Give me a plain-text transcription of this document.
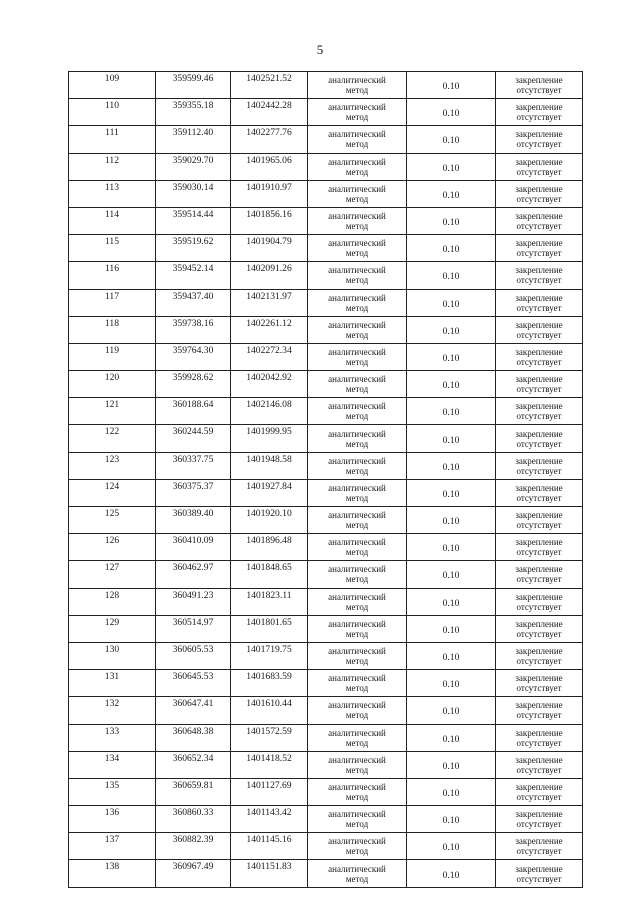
5
109	359599.46	1402521.52	аналитический
метод	0.10	закрепление
отсутствует

110	359355.18	1402442.28	аналитический
метод	0.10	закрепление
отсутствует

111	359112.40	1402277.76	аналитический
метод	0.10	закрепление
отсутствует

112	359029.70	1401965.06	аналитический
метод	0.10	закрепление
отсутствует

113	359030.14	1401910.97	аналитический
метод	0.10	закрепление
отсутствует

114	359514.44	1401856.16	аналитический
метод	0.10	закрепление
отсутствует

115	359519.62	1401904.79	аналитический
метод	0.10	закрепление
отсутствует

116	359452.14	1402091.26	аналитический
метод	0.10	закрепление
отсутствует

117	359437.40	1402131.97	аналитический
метод	0.10	закрепление
отсутствует

118	359738.16	1402261.12	аналитический
метод	0.10	закрепление
отсутствует

119	359764.30	1402272.34	аналитический
метод	0.10	закрепление
отсутствует

120	359928.62	1402042.92	аналитический
метод	0.10	закрепление
отсутствует

121	360188.64	1402146.08	аналитический
метод	0.10	закрепление
отсутствует

122	360244.59	1401999.95	аналитический
метод	0.10	закрепление
отсутствует

123	360337.75	1401948.58	аналитический
метод	0.10	закрепление
отсутствует

124	360375.37	1401927.84	аналитический
метод	0.10	закрепление
отсутствует

125	360389.40	1401920.10	аналитический
метод	0.10	закрепление
отсутствует

126	360410.09	1401896.48	аналитический
метод	0.10	закрепление
отсутствует

127	360462.97	1401848.65	аналитический
метод	0.10	закрепление
отсутствует

128	360491.23	1401823.11	аналитический
метод	0.10	закрепление
отсутствует

129	360514.97	1401801.65	аналитический
метод	0.10	закрепление
отсутствует

130	360605.53	1401719.75	аналитический
метод	0.10	закрепление
отсутствует

131	360645.53	1401683.59	аналитический
метод	0.10	закрепление
отсутствует

132	360647.41	1401610.44	аналитический
метод	0.10	закрепление
отсутствует

133	360648.38	1401572.59	аналитический
метод	0.10	закрепление
отсутствует

134	360652.34	1401418.52	аналитический
метод	0.10	закрепление
отсутствует

135	360659.81	1401127.69	аналитический
метод	0.10	закрепление
отсутствует

136	360860.33	1401143.42	аналитический
метод	0.10	закрепление
отсутствует

137	360882.39	1401145.16	аналитический
метод	0.10	закрепление
отсутствует

138	360967.49	1401151.83	аналитический
метод	0.10	закрепление
отсутствует
